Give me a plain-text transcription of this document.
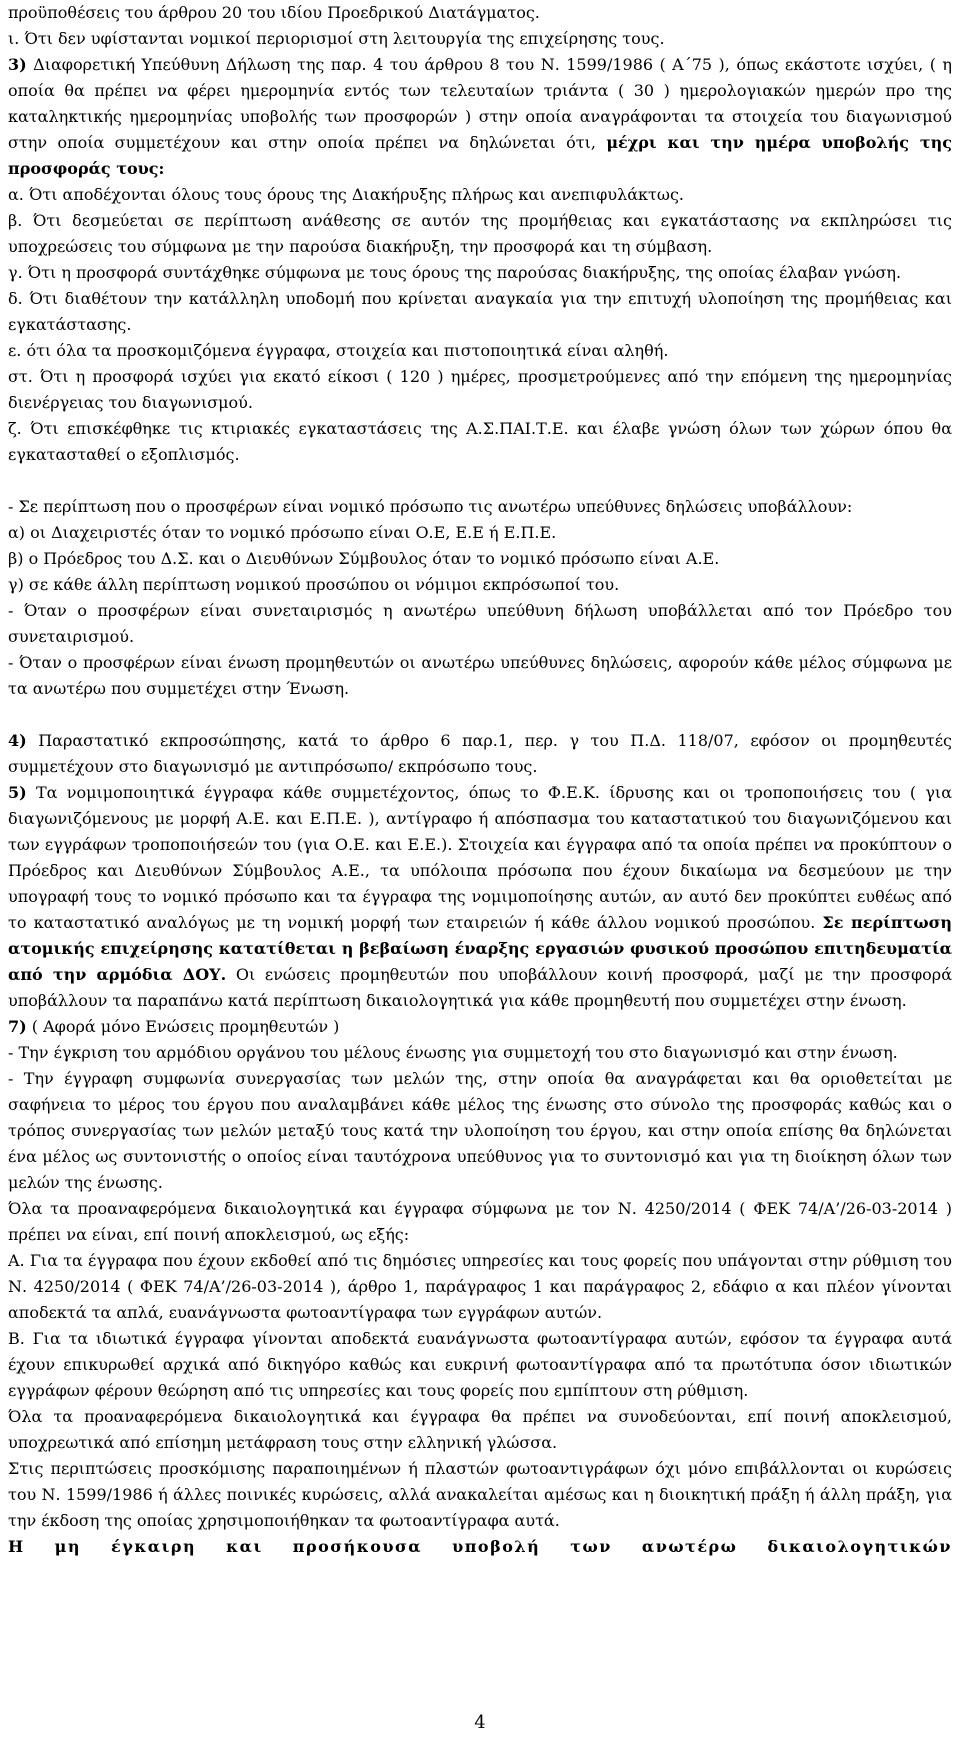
προϋποθέσεις του άρθρου 20 του ιδίου Προεδρικού Διατάγματος.

ι. Ότι δεν υφίστανται νομικοί περιορισμοί στη λειτουργία της επιχείρησης τους.

3) Διαφορετική Υπεύθυνη Δήλωση της παρ. 4 του άρθρου 8 του Ν. 1599/1986 ( Α΄75 ), όπως εκάστοτε ισχύει, ( η οποία θα πρέπει να φέρει ημερομηνία εντός των τελευταίων τριάντα ( 30 ) ημερολογιακών ημερών προ της καταληκτικής ημερομηνίας υποβολής των προσφορών ) στην οποία αναγράφονται τα στοιχεία του διαγωνισμού στην οποία συμμετέχουν και στην οποία πρέπει να δηλώνεται ότι, μέχρι και την ημέρα υποβολής της προσφοράς τους:

α. Ότι αποδέχονται όλους τους όρους της Διακήρυξης πλήρως και ανεπιφυλάκτως.

β. Ότι δεσμεύεται σε περίπτωση ανάθεσης σε αυτόν της προμήθειας και εγκατάστασης να εκπληρώσει τις υποχρεώσεις του σύμφωνα με την παρούσα διακήρυξη, την προσφορά και τη σύμβαση.

γ. Ότι η προσφορά συντάχθηκε σύμφωνα με τους όρους της παρούσας διακήρυξης, της οποίας έλαβαν γνώση.

δ. Ότι διαθέτουν την κατάλληλη υποδομή που κρίνεται αναγκαία για την επιτυχή υλοποίηση της προμήθειας και εγκατάστασης.

ε. ότι όλα τα προσκομιζόμενα έγγραφα, στοιχεία και πιστοποιητικά είναι αληθή.

στ. Ότι η προσφορά ισχύει για εκατό είκοσι ( 120 ) ημέρες, προσμετρούμενες από την επόμενη της ημερομηνίας διενέργειας του διαγωνισμού.

ζ. Ότι επισκέφθηκε τις κτιριακές εγκαταστάσεις της Α.Σ.ΠΑΙ.Τ.Ε. και έλαβε γνώση όλων των χώρων όπου θα εγκατασταθεί ο εξοπλισμός.

- Σε περίπτωση που ο προσφέρων είναι νομικό πρόσωπο τις ανωτέρω υπεύθυνες δηλώσεις υποβάλλουν:

α) οι Διαχειριστές όταν το νομικό πρόσωπο είναι Ο.Ε, Ε.Ε ή Ε.Π.Ε.

β) ο Πρόεδρος του Δ.Σ. και ο Διευθύνων Σύμβουλος όταν το νομικό πρόσωπο είναι Α.Ε.

γ) σε κάθε άλλη περίπτωση νομικού προσώπου οι νόμιμοι εκπρόσωποί του.

- Όταν ο προσφέρων είναι συνεταιρισμός η ανωτέρω υπεύθυνη δήλωση υποβάλλεται από τον Πρόεδρο του συνεταιρισμού.

- Όταν ο προσφέρων είναι ένωση προμηθευτών οι ανωτέρω υπεύθυνες δηλώσεις, αφορούν κάθε μέλος σύμφωνα με τα ανωτέρω που συμμετέχει στην Ένωση.

4) Παραστατικό εκπροσώπησης, κατά το άρθρο 6 παρ.1, περ. γ του Π.Δ. 118/07, εφόσον οι προμηθευτές συμμετέχουν στο διαγωνισμό με αντιπρόσωπο/ εκπρόσωπο τους.

5) Τα νομιμοποιητικά έγγραφα κάθε συμμετέχοντος, όπως το Φ.Ε.Κ. ίδρυσης και οι τροποποιήσεις του ( για διαγωνιζόμενους με μορφή Α.Ε. και Ε.Π.Ε. ), αντίγραφο ή απόσπασμα του καταστατικού του διαγωνιζόμενου και των εγγράφων τροποποιήσεών του (για Ο.Ε. και Ε.Ε.). Στοιχεία και έγγραφα από τα οποία πρέπει να προκύπτουν ο Πρόεδρος και Διευθύνων Σύμβουλος Α.Ε., τα υπόλοιπα πρόσωπα που έχουν δικαίωμα να δεσμεύουν με την υπογραφή τους το νομικό πρόσωπο και τα έγγραφα της νομιμοποίησης αυτών, αν αυτό δεν προκύπτει ευθέως από το καταστατικό αναλόγως με τη νομική μορφή των εταιρειών ή κάθε άλλου νομικού προσώπου. Σε περίπτωση ατομικής επιχείρησης κατατίθεται η βεβαίωση έναρξης εργασιών φυσικού προσώπου επιτηδευματία από την αρμόδια ΔΟΥ. Οι ενώσεις προμηθευτών που υποβάλλουν κοινή προσφορά, μαζί με την προσφορά υποβάλλουν τα παραπάνω κατά περίπτωση δικαιολογητικά για κάθε προμηθευτή που συμμετέχει στην ένωση.

7) ( Αφορά μόνο Ενώσεις προμηθευτών )

- Την έγκριση του αρμόδιου οργάνου του μέλους ένωσης για συμμετοχή του στο διαγωνισμό και στην ένωση.

- Την έγγραφη συμφωνία συνεργασίας των μελών της, στην οποία θα αναγράφεται και θα οριοθετείται με σαφήνεια το μέρος του έργου που αναλαμβάνει κάθε μέλος της ένωσης στο σύνολο της προσφοράς καθώς και ο τρόπος συνεργασίας των μελών μεταξύ τους κατά την υλοποίηση του έργου, και στην οποία επίσης θα δηλώνεται ένα μέλος ως συντονιστής ο οποίος είναι ταυτόχρονα υπεύθυνος για το συντονισμό και για τη διοίκηση όλων των μελών της ένωσης.

Όλα τα προαναφερόμενα δικαιολογητικά και έγγραφα σύμφωνα με τον Ν. 4250/2014 ( ΦΕΚ 74/Α’/26-03-2014 ) πρέπει να είναι, επί ποινή αποκλεισμού, ως εξής:

Α. Για τα έγγραφα που έχουν εκδοθεί από τις δημόσιες υπηρεσίες και τους φορείς που υπάγονται στην ρύθμιση του Ν. 4250/2014 ( ΦΕΚ 74/Α’/26-03-2014 ), άρθρο 1, παράγραφος 1 και παράγραφος 2, εδάφιο α και πλέον γίνονται αποδεκτά τα απλά, ευανάγνωστα φωτοαντίγραφα των εγγράφων αυτών.

Β. Για τα ιδιωτικά έγγραφα γίνονται αποδεκτά ευανάγνωστα φωτοαντίγραφα αυτών, εφόσον τα έγγραφα αυτά έχουν επικυρωθεί αρχικά από δικηγόρο καθώς και ευκρινή φωτοαντίγραφα από τα πρωτότυπα όσον ιδιωτικών εγγράφων φέρουν θεώρηση από τις υπηρεσίες και τους φορείς που εμπίπτουν στη ρύθμιση.

Όλα τα προαναφερόμενα δικαιολογητικά και έγγραφα θα πρέπει να συνοδεύονται, επί ποινή αποκλεισμού, υποχρεωτικά από επίσημη μετάφραση τους στην ελληνική γλώσσα.

Στις περιπτώσεις προσκόμισης παραποιημένων ή πλαστών φωτοαντιγράφων όχι μόνο επιβάλλονται οι κυρώσεις του Ν. 1599/1986 ή άλλες ποινικές κυρώσεις, αλλά ανακαλείται αμέσως και η διοικητική πράξη ή άλλη πράξη, για την έκδοση της οποίας χρησιμοποιήθηκαν τα φωτοαντίγραφα αυτά.

Η μη έγκαιρη και προσήκουσα υποβολή των ανωτέρω δικαιολογητικών

4
